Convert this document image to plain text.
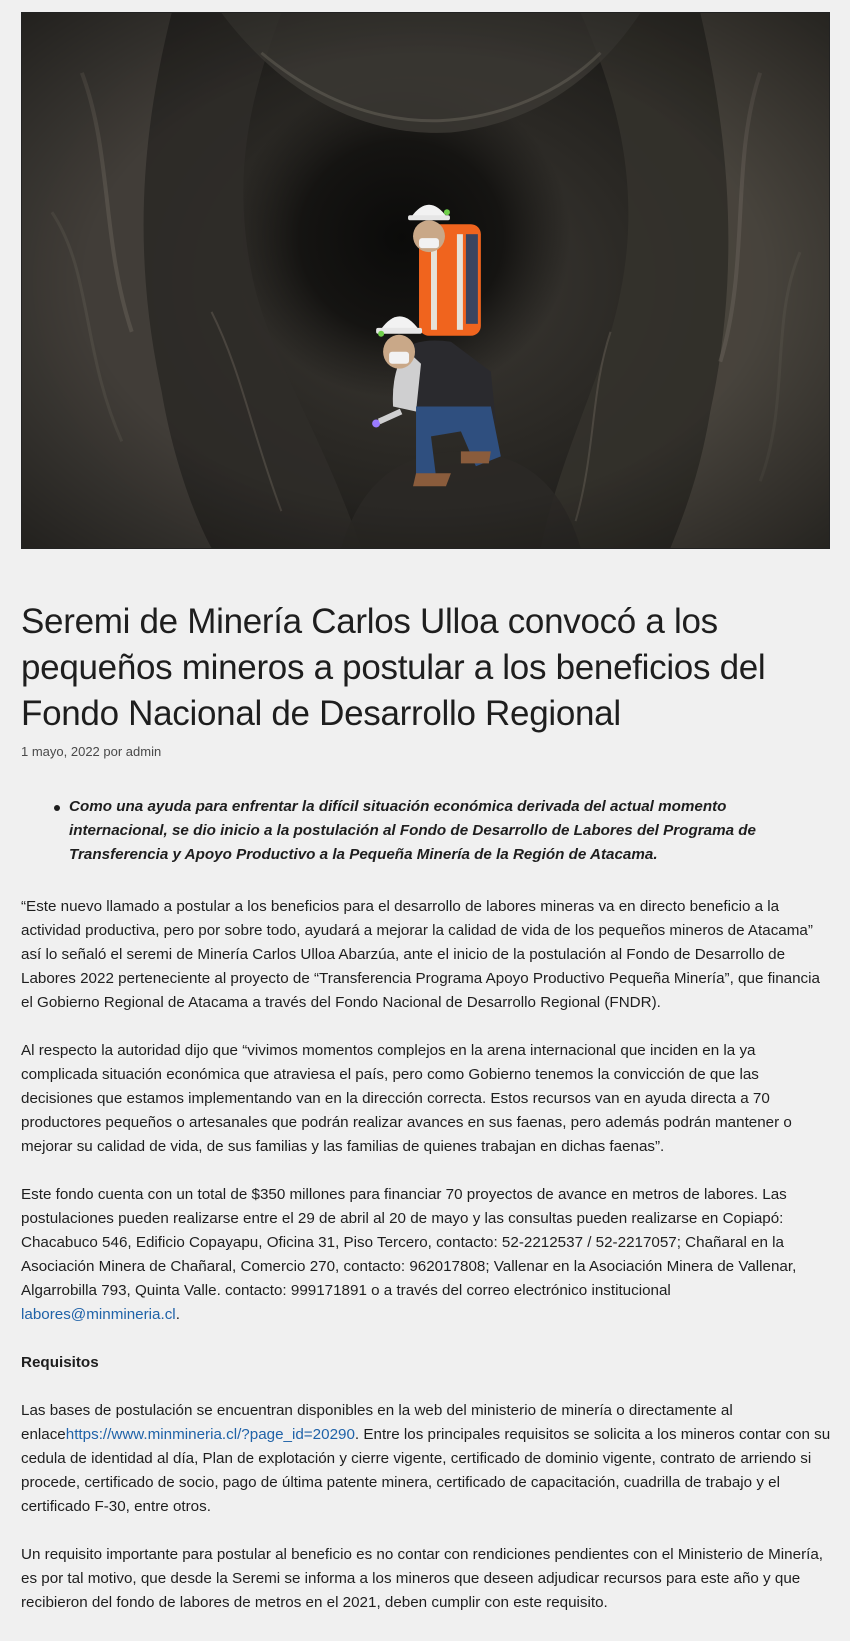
Seremi de Minería Carlos Ulloa convocó a los pequeños mineros a postular a los beneficios del Fondo Nacional de Desarrollo Regional
1 mayo, 2022 por admin
Como una ayuda para enfrentar la difícil situación económica derivada del actual momento internacional, se dio inicio a la postulación al Fondo de Desarrollo de Labores del Programa de Transferencia y Apoyo Productivo a la Pequeña Minería de la Región de Atacama.

“Este nuevo llamado a postular a los beneficios para el desarrollo de labores mineras va en directo beneficio a la actividad productiva, pero por sobre todo, ayudará a mejorar la calidad de vida de los pequeños mineros de Atacama” así lo señaló el seremi de Minería Carlos Ulloa Abarzúa, ante el inicio de la postulación al Fondo de Desarrollo de Labores 2022 perteneciente al proyecto de “Transferencia Programa Apoyo Productivo Pequeña Minería”, que financia el Gobierno Regional de Atacama a través del Fondo Nacional de Desarrollo Regional (FNDR).

Al respecto la autoridad dijo que “vivimos momentos complejos en la arena internacional que inciden en la ya complicada situación económica que atraviesa el país, pero como Gobierno tenemos la convicción de que las decisiones que estamos implementando van en la dirección correcta. Estos recursos van en ayuda directa a 70 productores pequeños o artesanales que podrán realizar avances en sus faenas, pero además podrán mantener o mejorar su calidad de vida, de sus familias y las familias de quienes trabajan en dichas faenas”.

Este fondo cuenta con un total de $350 millones para financiar 70 proyectos de avance en metros de labores. Las postulaciones pueden realizarse entre el 29 de abril al 20 de mayo y las consultas pueden realizarse en Copiapó: Chacabuco 546, Edificio Copayapu, Oficina 31, Piso Tercero, contacto: 52-2212537 / 52-2217057; Chañaral en la Asociación Minera de Chañaral, Comercio 270, contacto: 962017808; Vallenar en la Asociación Minera de Vallenar, Algarrobilla 793, Quinta Valle. contacto: 999171891 o a través del correo electrónico institucional labores@minmineria.cl.

Requisitos

Las bases de postulación se encuentran disponibles en la web del ministerio de minería o directamente al enlacehttps://www.minmineria.cl/?page_id=20290. Entre los principales requisitos se solicita a los mineros contar con su cedula de identidad al día, Plan de explotación y cierre vigente, certificado de dominio vigente, contrato de arriendo si procede, certificado de socio, pago de última patente minera, certificado de capacitación, cuadrilla de trabajo y el certificado F-30, entre otros.

Un requisito importante para postular al beneficio es no contar con rendiciones pendientes con el Ministerio de Minería, es por tal motivo, que desde la Seremi se informa a los mineros que deseen adjudicar recursos para este año y que recibieron del fondo de labores de metros en el 2021, deben cumplir con este requisito.
